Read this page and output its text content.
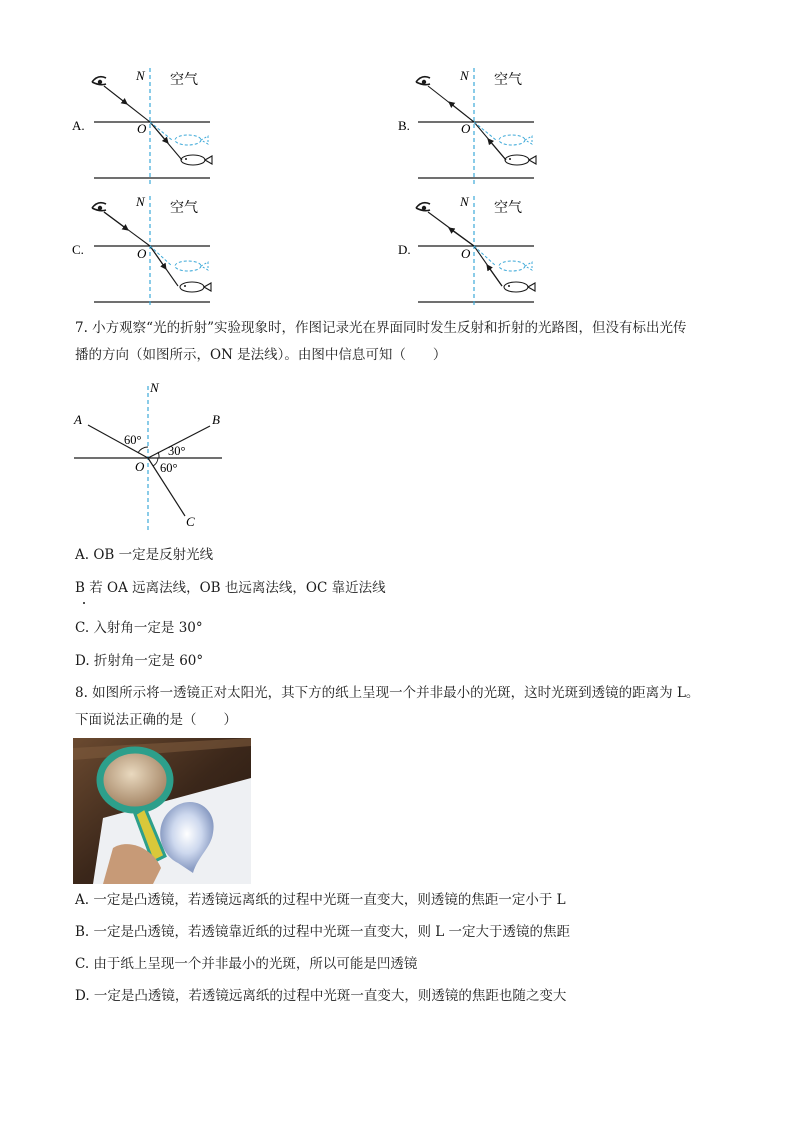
A.
N 空气
O	B.
N 空气
O
C.
N 空气
O	D.
N 空气
O
7. 小方观察“光的折射”实验现象时，作图记录光在界面同时发生反射和折射的光路图，但没有标出光传
播的方向（如图所示，ON 是法线）。由图中信息可知（　　）
N
A	B
C
O
60°
30°
60°
A. OB 一定是反射光线
B 若 OA 远离法线，OB 也远离法线，OC 靠近法线
C. 入射角一定是 30°
D. 折射角一定是 60°
8. 如图所示将一透镜正对太阳光，其下方的纸上呈现一个并非最小的光斑，这时光斑到透镜的距离为 L。
下面说法正确的是（　　）
A. 一定是凸透镜，若透镜远离纸的过程中光斑一直变大，则透镜的焦距一定小于 L
B. 一定是凸透镜，若透镜靠近纸的过程中光斑一直变大，则 L 一定大于透镜的焦距
C. 由于纸上呈现一个并非最小的光斑，所以可能是凹透镜
D. 一定是凸透镜，若透镜远离纸的过程中光斑一直变大，则透镜的焦距也随之变大
